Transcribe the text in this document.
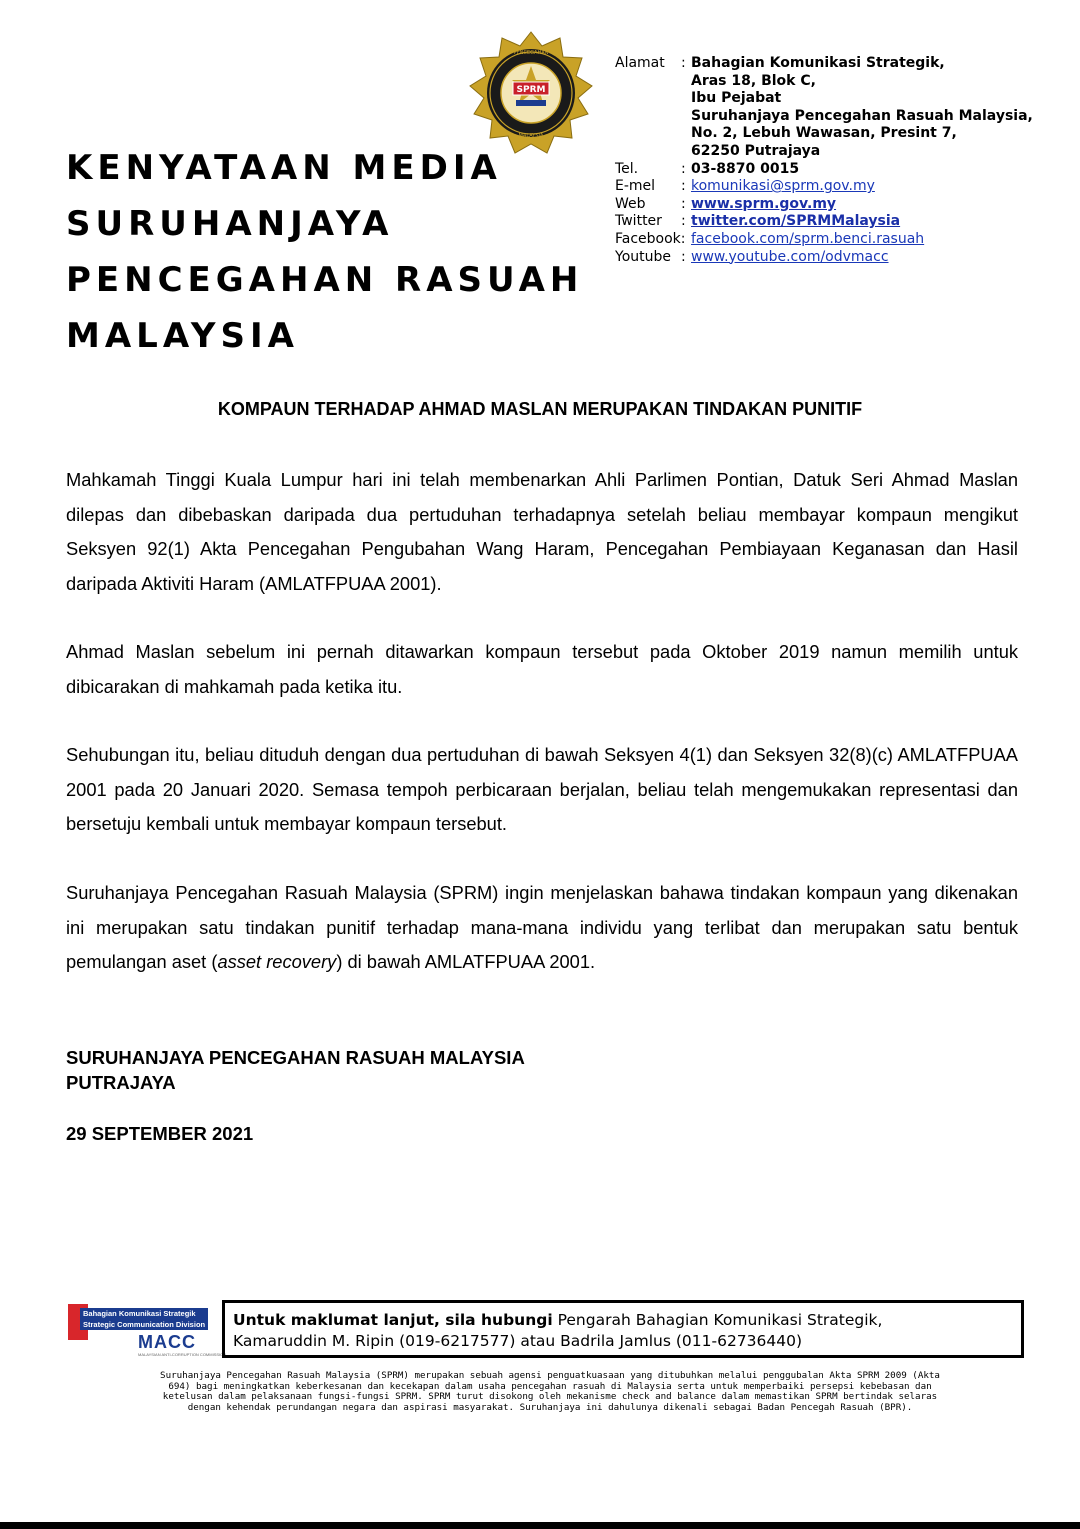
SPRM
PENCEGAHAN
MALAYSIA
KENYATAAN MEDIA
SURUHANJAYA
PENCEGAHAN RASUAH
MALAYSIA
Alamat : Bahagian Komunikasi Strategik,
Aras 18, Blok C,
Ibu Pejabat
Suruhanjaya Pencegahan Rasuah Malaysia,
No. 2, Lebuh Wawasan, Presint 7,
62250 Putrajaya
Tel.	: 03-8870 0015
E-mel : komunikasi@sprm.gov.my
Web	: www.sprm.gov.my
Twitter : twitter.com/SPRMMalaysia
Facebook: facebook.com/sprm.benci.rasuah
Youtube : www.youtube.com/odvmacc
KOMPAUN TERHADAP AHMAD MASLAN MERUPAKAN TINDAKAN PUNITIF
Mahkamah Tinggi Kuala Lumpur hari ini telah membenarkan Ahli Parlimen Pontian, Datuk Seri Ahmad Maslan dilepas dan dibebaskan daripada dua pertuduhan terhadapnya setelah beliau membayar kompaun mengikut Seksyen 92(1) Akta Pencegahan Pengubahan Wang Haram, Pencegahan Pembiayaan Keganasan dan Hasil daripada Aktiviti Haram (AMLATFPUAA 2001).
Ahmad Maslan sebelum ini pernah ditawarkan kompaun tersebut pada Oktober 2019 namun memilih untuk dibicarakan di mahkamah pada ketika itu.
Sehubungan itu, beliau dituduh dengan dua pertuduhan di bawah Seksyen 4(1) dan Seksyen 32(8)(c) AMLATFPUAA 2001 pada 20 Januari 2020. Semasa tempoh perbicaraan berjalan, beliau telah mengemukakan representasi dan bersetuju kembali untuk membayar kompaun tersebut.
Suruhanjaya Pencegahan Rasuah Malaysia (SPRM) ingin menjelaskan bahawa tindakan kompaun yang dikenakan ini merupakan satu tindakan punitif terhadap mana-mana individu yang terlibat dan merupakan satu bentuk pemulangan aset (asset recovery) di bawah AMLATFPUAA 2001.
SURUHANJAYA PENCEGAHAN RASUAH MALAYSIA
PUTRAJAYA
29 SEPTEMBER 2021
Bahagian Komunikasi Strategik
Strategic Communication Division
MACC
MALAYSIAN ANTI-CORRUPTION COMMISSION
Untuk maklumat lanjut, sila hubungi Pengarah Bahagian Komunikasi Strategik,
Kamaruddin M. Ripin (019-6217577) atau Badrila Jamlus (011-62736440)
Suruhanjaya Pencegahan Rasuah Malaysia (SPRM) merupakan sebuah agensi penguatkuasaan yang ditubuhkan melalui penggubalan Akta SPRM 2009 (Akta
694) bagi meningkatkan keberkesanan dan kecekapan dalam usaha pencegahan rasuah di Malaysia serta untuk memperbaiki persepsi kebebasan dan
ketelusan dalam pelaksanaan fungsi-fungsi SPRM. SPRM turut disokong oleh mekanisme check and balance dalam memastikan SPRM bertindak selaras
dengan kehendak perundangan negara dan aspirasi masyarakat. Suruhanjaya ini dahulunya dikenali sebagai Badan Pencegah Rasuah (BPR).
